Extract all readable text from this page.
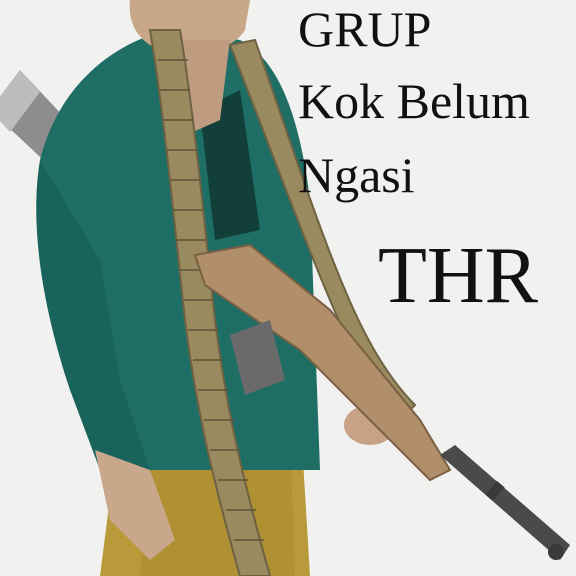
GRUP
Kok Belum
Ngasi
THR
